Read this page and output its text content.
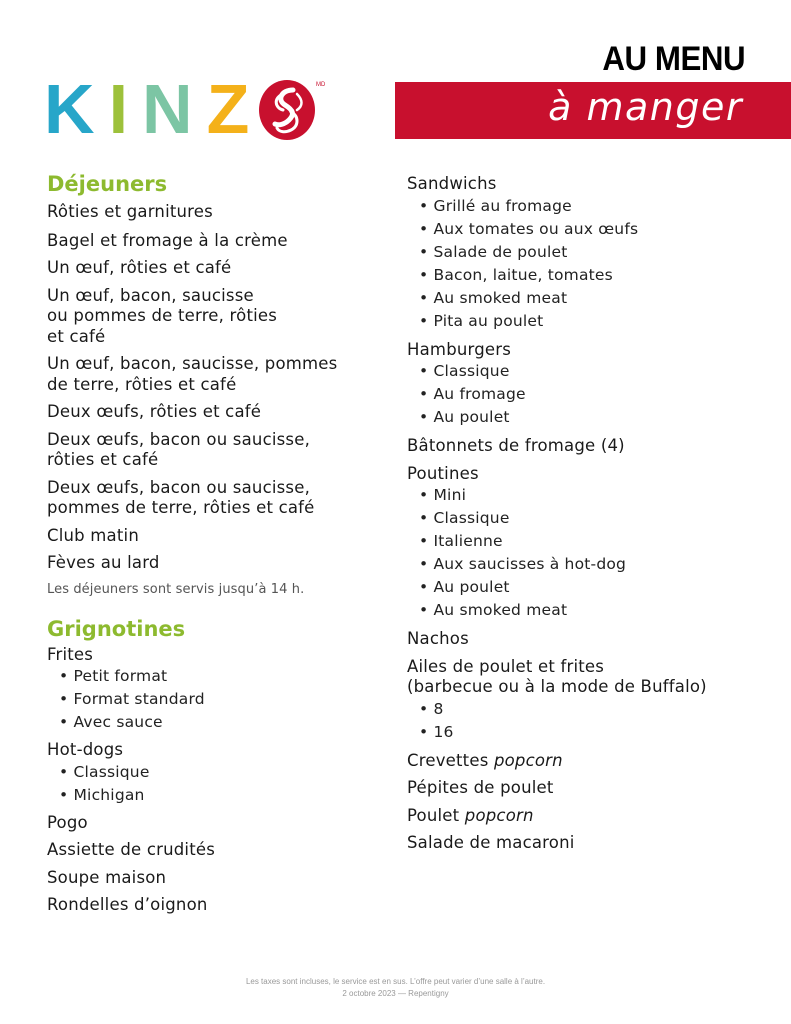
K I N Z	MD
AU MENU
à manger
Déjeuners
Rôties et garnitures
Bagel et fromage à la crème
Un œuf, rôties et café
Un œuf, bacon, saucisse
ou pommes de terre, rôties
et café
Un œuf, bacon, saucisse, pommes
de terre, rôties et café
Deux œufs, rôties et café
Deux œufs, bacon ou saucisse,
rôties et café
Deux œufs, bacon ou saucisse,
pommes de terre, rôties et café
Club matin
Fèves au lard
Les déjeuners sont servis jusqu’à 14 h.
Grignotines
Frites
• Petit format
• Format standard
• Avec sauce
Hot-dogs
• Classique
• Michigan
Pogo
Assiette de crudités
Soupe maison
Rondelles d’oignon
Sandwichs
• Grillé au fromage
• Aux tomates ou aux œufs
• Salade de poulet
• Bacon, laitue, tomates
• Au smoked meat
• Pita au poulet
Hamburgers
• Classique
• Au fromage
• Au poulet
Bâtonnets de fromage (4)
Poutines
• Mini
• Classique
• Italienne
• Aux saucisses à hot-dog
• Au poulet
• Au smoked meat
Nachos
Ailes de poulet et frites
(barbecue ou à la mode de Buffalo)
• 8
• 16
Crevettes popcorn
Pépites de poulet
Poulet popcorn
Salade de macaroni
Les taxes sont incluses, le service est en sus. L’offre peut varier d’une salle à l’autre.
2 octobre 2023 — Repentigny
